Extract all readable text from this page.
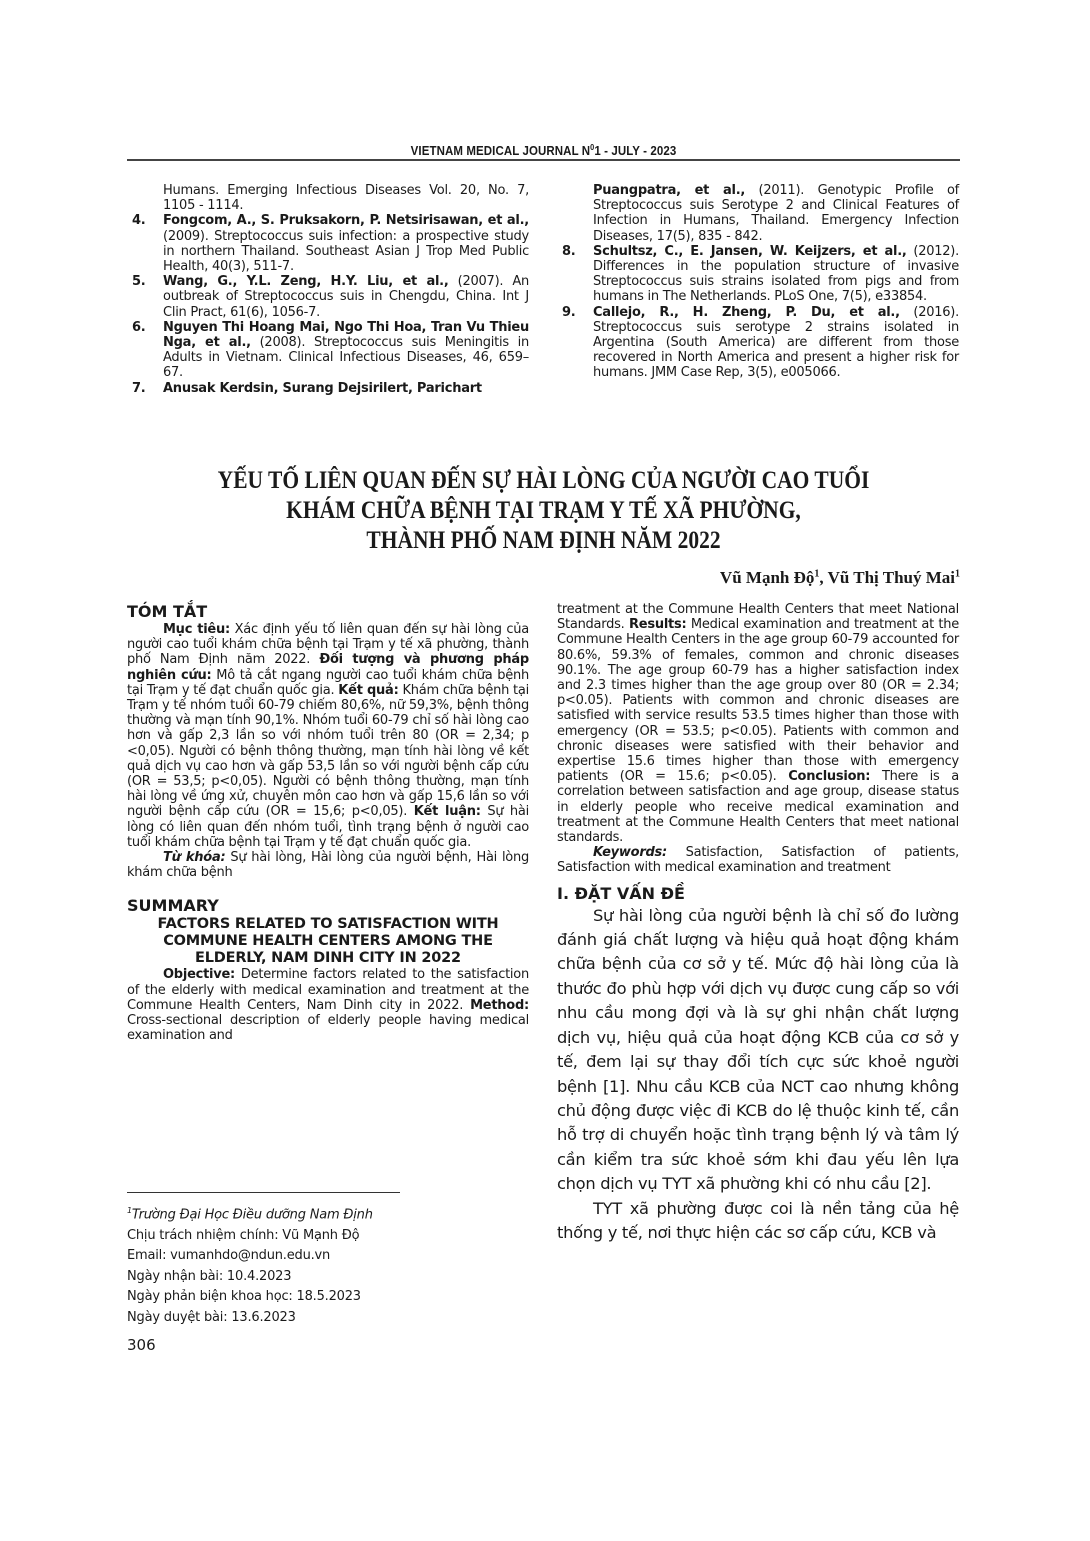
VIETNAM MEDICAL JOURNAL $N^01$ - JULY - 2023
Humans. Emerging Infectious Diseases Vol. 20, No. 7, 1105 - 1114.
4. Fongcom, A., S. Pruksakorn, P. Netsirisawan, et al., (2009). Streptococcus suis infection: a prospective study in northern Thailand. Southeast Asian J Trop Med Public Health, 40(3), 511-7.
5. Wang, G., Y.L. Zeng, H.Y. Liu, et al., (2007). An outbreak of Streptococcus suis in Chengdu, China. Int J Clin Pract, 61(6), 1056-7.
6. Nguyen Thi Hoang Mai, Ngo Thi Hoa, Tran Vu Thieu Nga, et al., (2008). Streptococcus suis Meningitis in Adults in Vietnam. Clinical Infectious Diseases, 46, 659–67.
7. Anusak Kerdsin, Surang Dejsirilert, Parichart
Puangpatra, et al., (2011). Genotypic Profile of Streptococcus suis Serotype 2 and Clinical Features of Infection in Humans, Thailand. Emergency Infection Diseases, 17(5), 835 - 842.
8. Schultsz, C., E. Jansen, W. Keijzers, et al., (2012). Differences in the population structure of invasive Streptococcus suis strains isolated from pigs and from humans in The Netherlands. PLoS One, 7(5), e33854.
9. Callejo, R., H. Zheng, P. Du, et al., (2016). Streptococcus suis serotype 2 strains isolated in Argentina (South America) are different from those recovered in North America and present a higher risk for humans. JMM Case Rep, 3(5), e005066.
YẾU TỐ LIÊN QUAN ĐẾN SỰ HÀI LÒNG CỦA NGƯỜI CAO TUỔI
KHÁM CHỮA BỆNH TẠI TRẠM Y TẾ XÃ PHƯỜNG,
THÀNH PHỐ NAM ĐỊNH NĂM 2022
Vũ Mạnh Độ$^1$, Vũ Thị Thuý Mai$^1$
TÓM TẮT
Mục tiêu: Xác định yếu tố liên quan đến sự hài lòng của người cao tuổi khám chữa bệnh tại Trạm y tế xã phường, thành phố Nam Định năm 2022. Đối tượng và phương pháp nghiên cứu: Mô tả cắt ngang người cao tuổi khám chữa bệnh tại Trạm y tế đạt chuẩn quốc gia. Kết quả: Khám chữa bệnh tại Trạm y tế nhóm tuổi 60-79 chiếm 80,6%, nữ 59,3%, bệnh thông thường và mạn tính 90,1%. Nhóm tuổi 60-79 chỉ số hài lòng cao hơn và gấp 2,3 lần so với nhóm tuổi trên 80 (OR = 2,34; p <0,05). Người có bệnh thông thường, mạn tính hài lòng về kết quả dịch vụ cao hơn và gấp 53,5 lần so với người bệnh cấp cứu (OR = 53,5; p<0,05). Người có bệnh thông thường, mạn tính hài lòng về ứng xử, chuyên môn cao hơn và gấp 15,6 lần so với người bệnh cấp cứu (OR = 15,6; p<0,05). Kết luận: Sự hài lòng có liên quan đến nhóm tuổi, tình trạng bệnh ở người cao tuổi khám chữa bệnh tại Trạm y tế đạt chuẩn quốc gia.
Từ khóa: Sự hài lòng, Hài lòng của người bệnh, Hài lòng khám chữa bệnh
SUMMARY
FACTORS RELATED TO SATISFACTION WITH COMMUNE HEALTH CENTERS AMONG THE ELDERLY, NAM DINH CITY IN 2022
Objective: Determine factors related to the satisfaction of the elderly with medical examination and treatment at the Commune Health Centers, Nam Dinh city in 2022. Method: Cross-sectional description of elderly people having medical examination and
$^1$Trường Đại Học Điều dưỡng Nam Định
Chịu trách nhiệm chính: Vũ Mạnh Độ
Email: vumanhdo@ndun.edu.vn
Ngày nhận bài: 10.4.2023
Ngày phản biện khoa học: 18.5.2023
Ngày duyệt bài: 13.6.2023
306
treatment at the Commune Health Centers that meet National Standards. Results: Medical examination and treatment at the Commune Health Centers in the age group 60-79 accounted for 80.6%, 59.3% of females, common and chronic diseases 90.1%. The age group 60-79 has a higher satisfaction index and 2.3 times higher than the age group over 80 (OR = 2.34; p<0.05). Patients with common and chronic diseases are satisfied with service results 53.5 times higher than those with emergency (OR = 53.5; p<0.05). Patients with common and chronic diseases were satisfied with their behavior and expertise 15.6 times higher than those with emergency patients (OR = 15.6; p<0.05). Conclusion: There is a correlation between satisfaction and age group, disease status in elderly people who receive medical examination and treatment at the Commune Health Centers that meet national standards.
Keywords: Satisfaction, Satisfaction of patients, Satisfaction with medical examination and treatment
I. ĐẶT VẤN ĐỀ
Sự hài lòng của người bệnh là chỉ số đo lường đánh giá chất lượng và hiệu quả hoạt động khám chữa bệnh của cơ sở y tế. Mức độ hài lòng của là thước đo phù hợp với dịch vụ được cung cấp so với nhu cầu mong đợi và là sự ghi nhận chất lượng dịch vụ, hiệu quả của hoạt động KCB của cơ sở y tế, đem lại sự thay đổi tích cực sức khoẻ người bệnh [1]. Nhu cầu KCB của NCT cao nhưng không chủ động được việc đi KCB do lệ thuộc kinh tế, cần hỗ trợ di chuyển hoặc tình trạng bệnh lý và tâm lý cần kiểm tra sức khoẻ sớm khi đau yếu lên lựa chọn dịch vụ TYT xã phường khi có nhu cầu [2].
TYT xã phường được coi là nền tảng của hệ thống y tế, nơi thực hiện các sơ cấp cứu, KCB và
